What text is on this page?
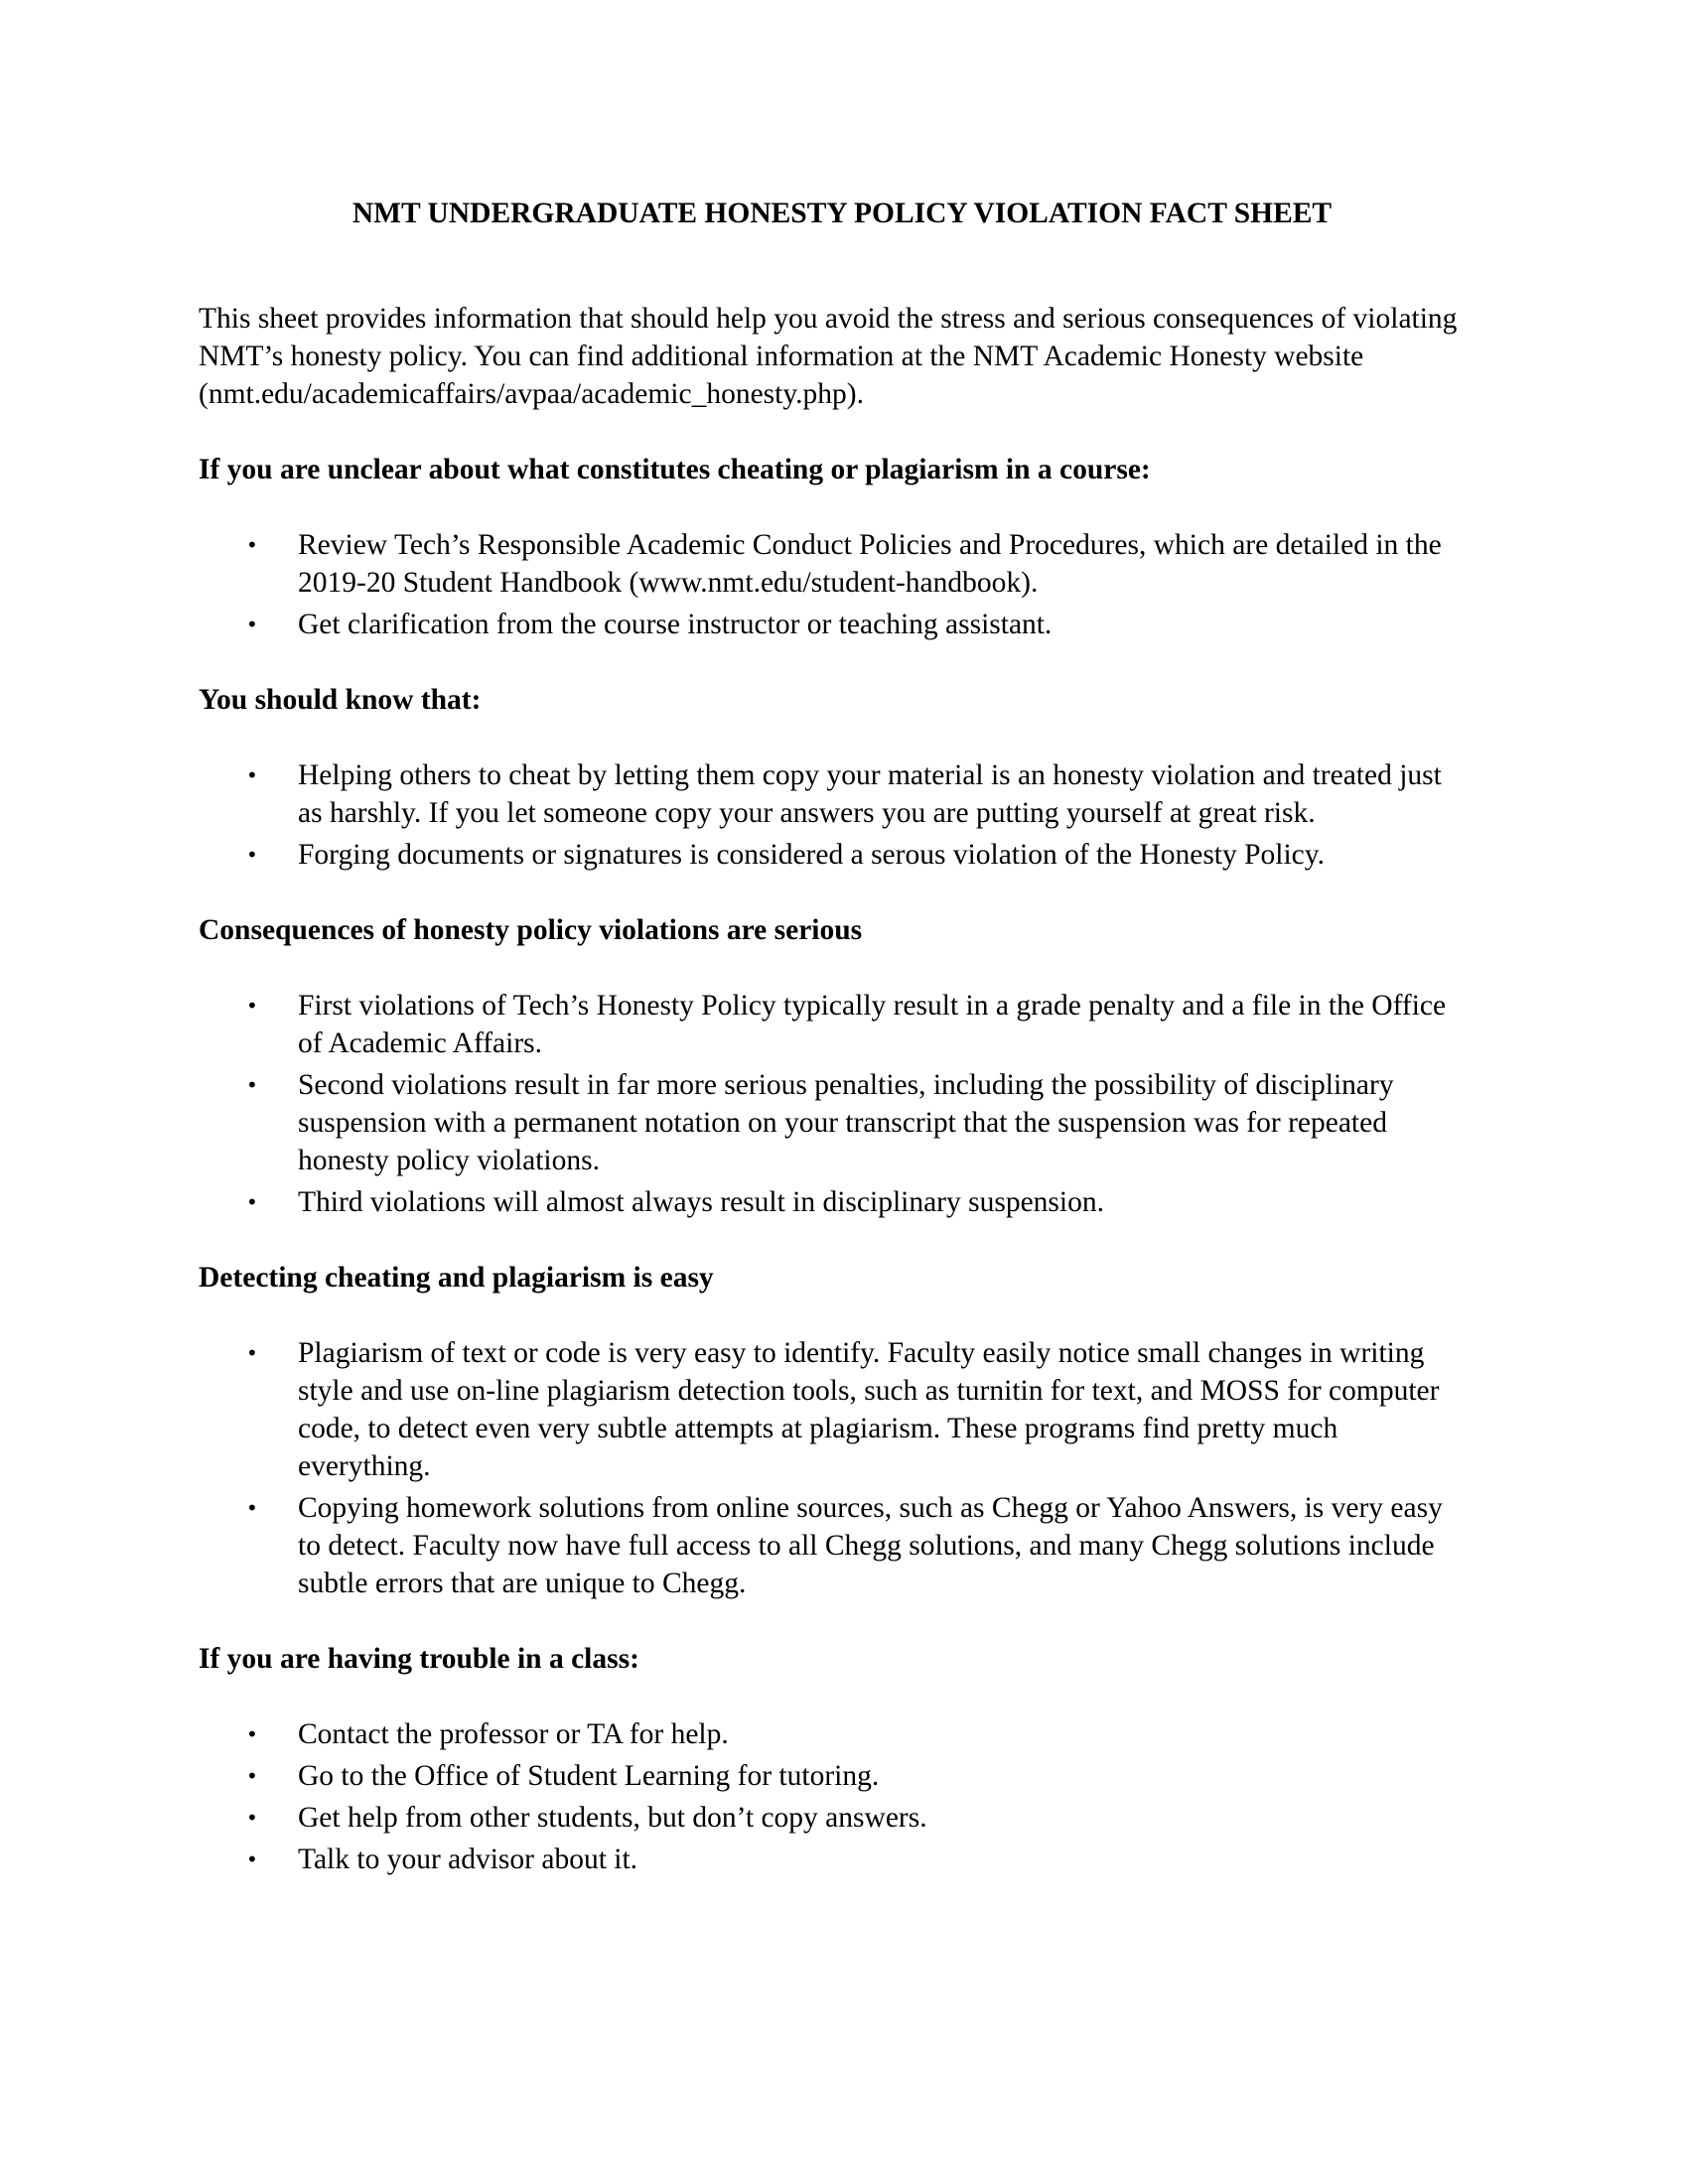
NMT UNDERGRADUATE HONESTY POLICY VIOLATION FACT SHEET

This sheet provides information that should help you avoid the stress and serious consequences of violating NMT’s honesty policy. You can find additional information at the NMT Academic Honesty website (nmt.edu/academicaffairs/avpaa/academic_honesty.php).

If you are unclear about what constitutes cheating or plagiarism in a course:
• Review Tech’s Responsible Academic Conduct Policies and Procedures, which are detailed in the 2019-20 Student Handbook (www.nmt.edu/student-handbook).
• Get clarification from the course instructor or teaching assistant.
You should know that:
• Helping others to cheat by letting them copy your material is an honesty violation and treated just as harshly. If you let someone copy your answers you are putting yourself at great risk.
• Forging documents or signatures is considered a serous violation of the Honesty Policy.
Consequences of honesty policy violations are serious
• First violations of Tech’s Honesty Policy typically result in a grade penalty and a file in the Office of Academic Affairs.
• Second violations result in far more serious penalties, including the possibility of disciplinary suspension with a permanent notation on your transcript that the suspension was for repeated honesty policy violations.
• Third violations will almost always result in disciplinary suspension.
Detecting cheating and plagiarism is easy
• Plagiarism of text or code is very easy to identify. Faculty easily notice small changes in writing style and use on-line plagiarism detection tools, such as turnitin for text, and MOSS for computer code, to detect even very subtle attempts at plagiarism. These programs find pretty much everything.
• Copying homework solutions from online sources, such as Chegg or Yahoo Answers, is very easy to detect. Faculty now have full access to all Chegg solutions, and many Chegg solutions include subtle errors that are unique to Chegg.
If you are having trouble in a class:
• Contact the professor or TA for help.
• Go to the Office of Student Learning for tutoring.
• Get help from other students, but don’t copy answers.
• Talk to your advisor about it.
